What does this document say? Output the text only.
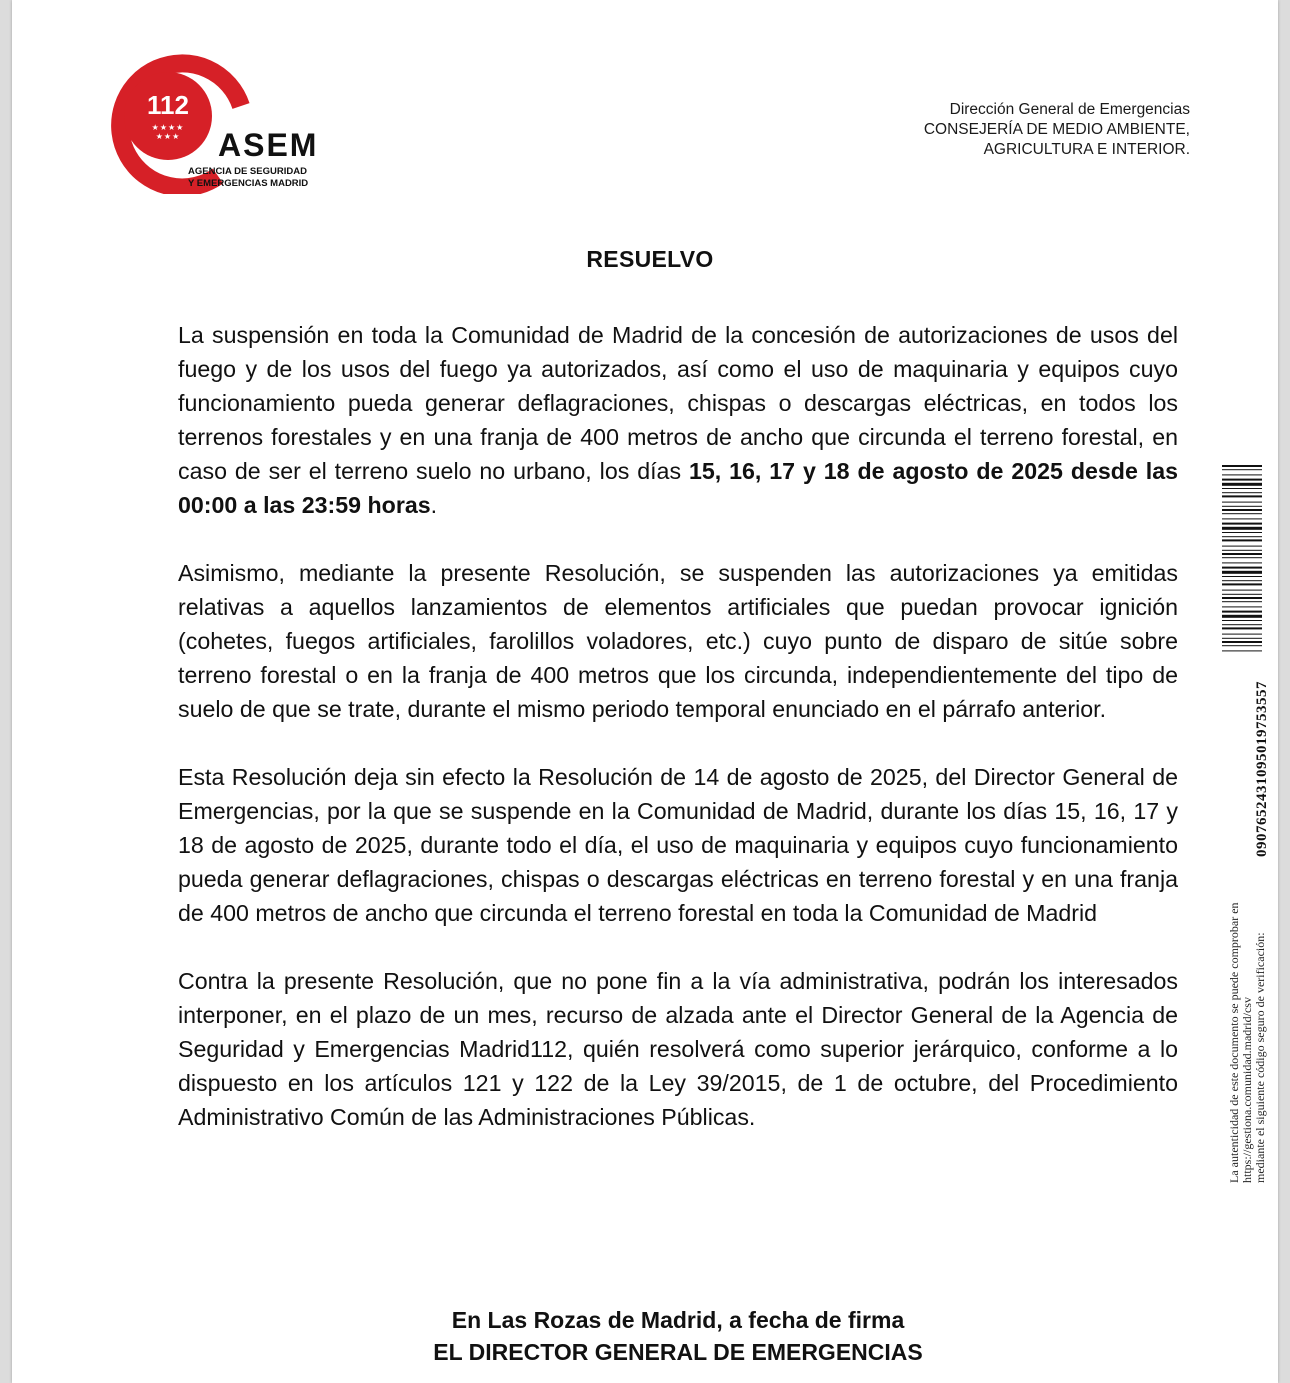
112
★★★★
★★★ ASEM
AGENCIA DE SEGURIDAD
Y EMERGENCIAS MADRID
Dirección General de Emergencias
CONSEJERÍA DE MEDIO AMBIENTE,
AGRICULTURA E INTERIOR.
RESUELVO

La suspensión en toda la Comunidad de Madrid de la concesión de autorizaciones de usos del fuego y de los usos del fuego ya autorizados, así como el uso de maquinaria y equipos cuyo funcionamiento pueda generar deflagraciones, chispas o descargas eléctricas, en todos los terrenos forestales y en una franja de 400 metros de ancho que circunda el terreno forestal, en caso de ser el terreno suelo no urbano, los días 15, 16, 17 y 18 de agosto de 2025 desde las 00:00 a las 23:59 horas.

Asimismo, mediante la presente Resolución, se suspenden las autorizaciones ya emitidas relativas a aquellos lanzamientos de elementos artificiales que puedan provocar ignición (cohetes, fuegos artificiales, farolillos voladores, etc.) cuyo punto de disparo de sitúe sobre terreno forestal o en la franja de 400 metros que los circunda, independientemente del tipo de suelo de que se trate, durante el mismo periodo temporal enunciado en el párrafo anterior.

Esta Resolución deja sin efecto la Resolución de 14 de agosto de 2025, del Director General de Emergencias, por la que se suspende en la Comunidad de Madrid, durante los días 15, 16, 17 y 18 de agosto de 2025, durante todo el día, el uso de maquinaria y equipos cuyo funcionamiento pueda generar deflagraciones, chispas o descargas eléctricas en terreno forestal y en una franja de 400 metros de ancho que circunda el terreno forestal en toda la Comunidad de Madrid

Contra la presente Resolución, que no pone fin a la vía administrativa, podrán los interesados interponer, en el plazo de un mes, recurso de alzada ante el Director General de la Agencia de Seguridad y Emergencias Madrid112, quién resolverá como superior jerárquico, conforme a lo dispuesto en los artículos 121 y 122 de la Ley 39/2015, de 1 de octubre, del Procedimiento Administrativo Común de las Administraciones Públicas.

En Las Rozas de Madrid, a fecha de firma
EL DIRECTOR GENERAL DE EMERGENCIAS
La autenticidad de este documento se puede comprobar en https://gestiona.comunidad.madrid/csv mediante el siguiente código seguro de verificación:
0907652431095019753557
